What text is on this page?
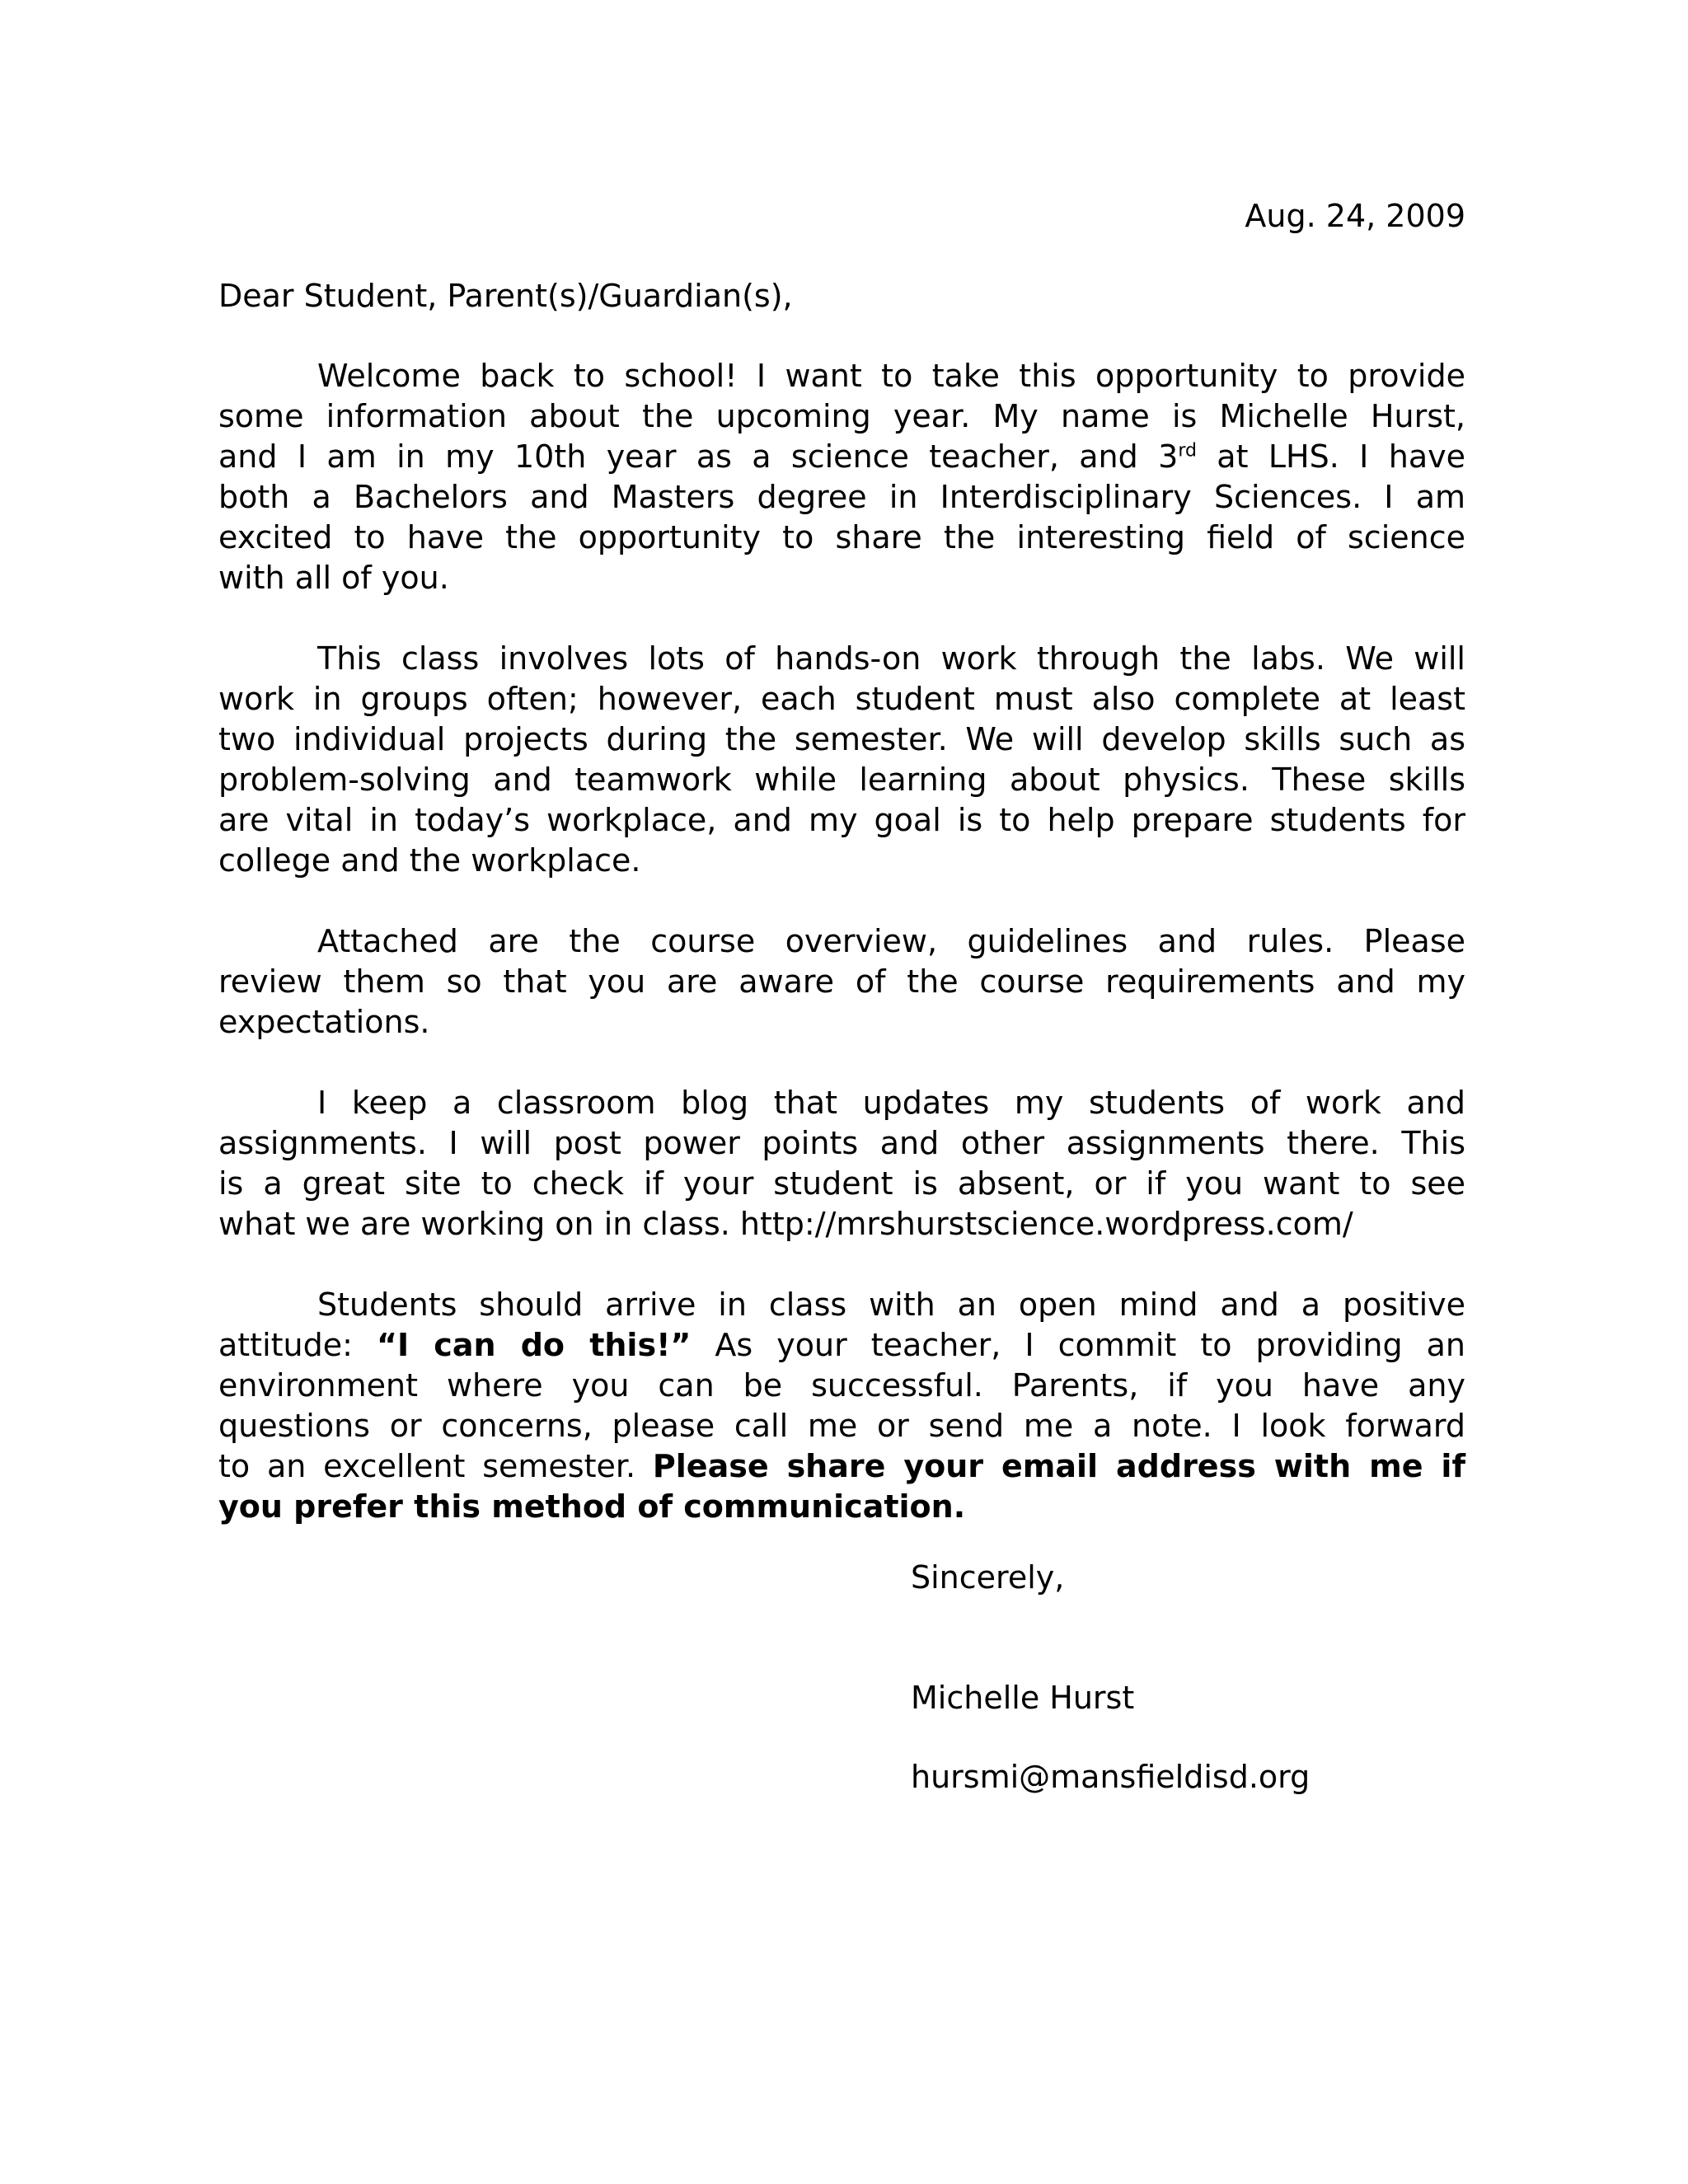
Aug. 24, 2009
Dear Student, Parent(s)/Guardian(s),
Welcome back to school! I want to take this opportunity to provide
some information about the upcoming year. My name is Michelle Hurst,
and I am in my 10th year as a science teacher, and 3rd at LHS. I have
both a Bachelors and Masters degree in Interdisciplinary Sciences. I am
excited to have the opportunity to share the interesting field of science
with all of you.
This class involves lots of hands-on work through the labs. We will
work in groups often; however, each student must also complete at least
two individual projects during the semester. We will develop skills such as
problem-solving and teamwork while learning about physics. These skills
are vital in today’s workplace, and my goal is to help prepare students for
college and the workplace.
Attached are the course overview, guidelines and rules. Please
review them so that you are aware of the course requirements and my
expectations.
I keep a classroom blog that updates my students of work and
assignments. I will post power points and other assignments there. This
is a great site to check if your student is absent, or if you want to see
what we are working on in class. http://mrshurstscience.wordpress.com/
Students should arrive in class with an open mind and a positive
attitude: “I can do this!” As your teacher, I commit to providing an
environment where you can be successful. Parents, if you have any
questions or concerns, please call me or send me a note. I look forward
to an excellent semester. Please share your email address with me if
you prefer this method of communication.
Sincerely,
Michelle Hurst
hursmi@mansfieldisd.org
